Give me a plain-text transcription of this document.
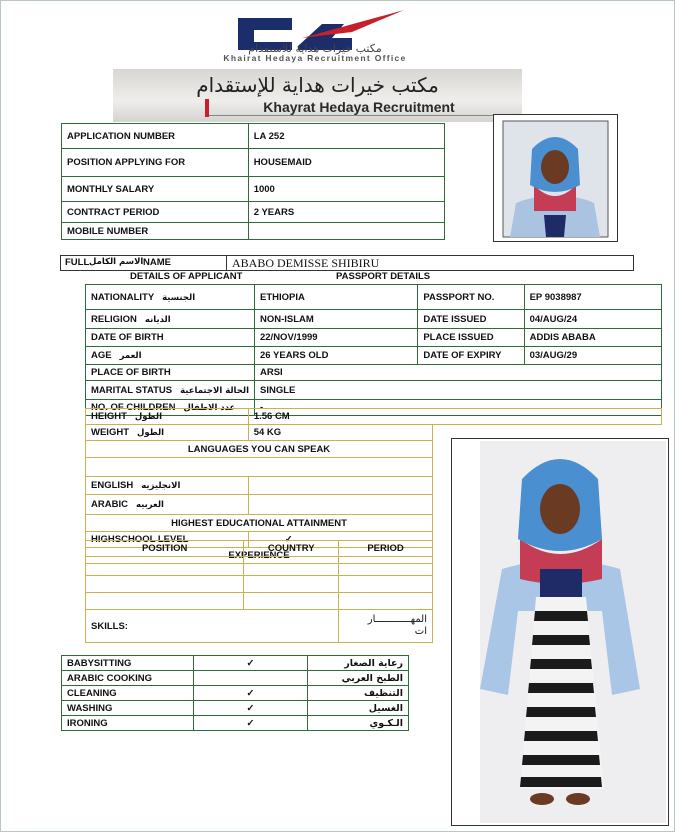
مكتب خيرات هداية للاستقدام
Khairat Hedaya Recruitment Office
مكتب خيرات هداية للإستقدام
Khayrat Hedaya Recruitment
APPLICATION NUMBER	LA 252
POSITION APPLYING FOR	HOUSEMAID
MONTHLY SALARY	1000
CONTRACT PERIOD	2 YEARS
MOBILE NUMBER	
FULL الاسم الكامل NAME	ABABO DEMISSE SHIBIRU
DETAILS OF APPLICANT	PASSPORT DETAILS
NATIONALITY الجنسية	ETHIOPIA	PASSPORT NO.	EP 9038987
RELIGION الديانه	NON-ISLAM	DATE ISSUED	04/AUG/24
DATE OF BIRTH	22/NOV/1999	PLACE ISSUED	ADDIS ABABA
AGE العمر	26 YEARS OLD	DATE OF EXPIRY	03/AUG/29
PLACE OF BIRTH	ARSI		
MARITAL STATUS الحالة الاجتماعية	SINGLE		
NO. OF CHILDREN عدد الاطفال	-		
HEIGHT الطول	1.56 CM
WEIGHT الطول	54 KG
LANGUAGES YOU CAN SPEAK	

ENGLISH الانجليزيه	
ARABIC العربيه	
HIGHEST EDUCATIONAL ATTAINMENT	
HIGHSCHOOL LEVEL	✓
EXPERIENCE	
POSITION	COUNTRY	PERIOD

SKILLS:		المهــــــــــــار
ات
BABYSITTING	✓	رعاية الصغار
ARABIC COOKING		الطبخ العربي
CLEANING	✓	التنظيف
WASHING	✓	الغسيل
IRONING	✓	الـكـوي
